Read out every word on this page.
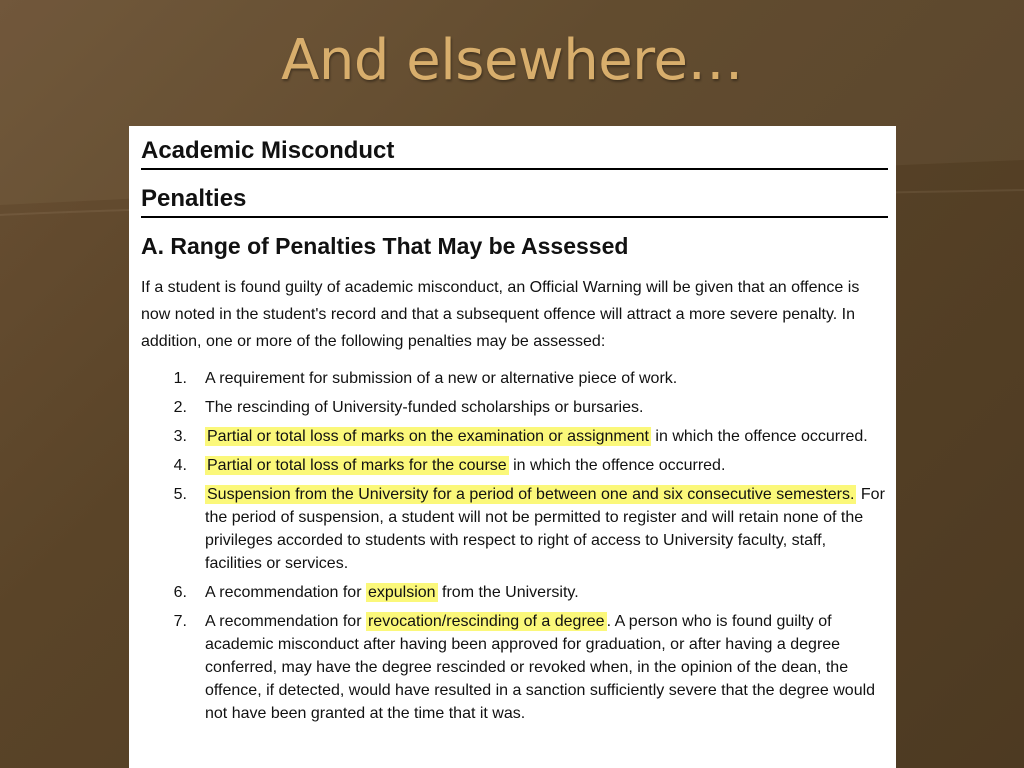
And elsewhere…
Academic Misconduct
Penalties
A. Range of Penalties That May be Assessed

If a student is found guilty of academic misconduct, an Official Warning will be given that an offence is now noted in the student's record and that a subsequent offence will attract a more severe penalty. In addition, one or more of the following penalties may be assessed:

1.	A requirement for submission of a new or alternative piece of work.
2.	The rescinding of University-funded scholarships or bursaries.
3.	Partial or total loss of marks on the examination or assignment in which the offence occurred.
4.	Partial or total loss of marks for the course in which the offence occurred.
5.	Suspension from the University for a period of between one and six consecutive semesters. For the period of suspension, a student will not be permitted to register and will retain none of the privileges accorded to students with respect to right of access to University faculty, staff, facilities or services.
6.	A recommendation for expulsion from the University.
7.	A recommendation for revocation/rescinding of a degree . A person who is found guilty of academic misconduct after having been approved for graduation, or after having a degree conferred, may have the degree rescinded or revoked when, in the opinion of the dean, the offence, if detected, would have resulted in a sanction sufficiently severe that the degree would not have been granted at the time that it was.
